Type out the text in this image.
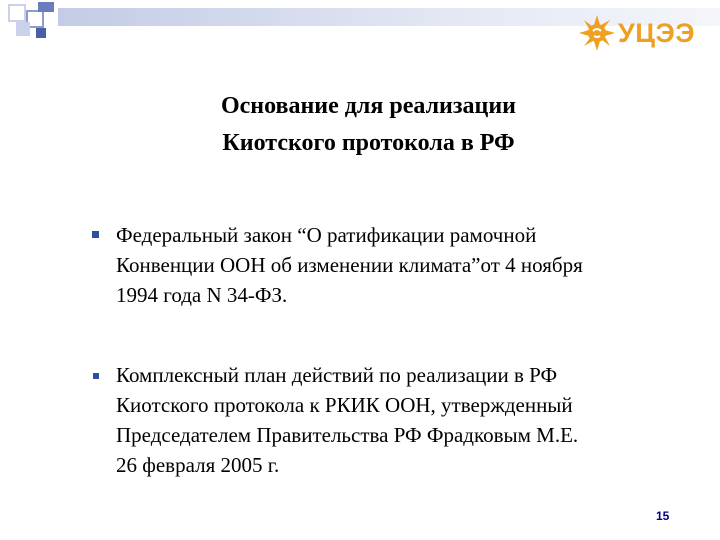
УЦЭЭ
Основание для реализации
Киотского протокола в РФ
Федеральный закон “О ратификации рамочной
Конвенции ООН об изменении климата”от 4 ноября
1994 года N 34-ФЗ.
Комплексный план действий по реализации в РФ
Киотского протокола к РКИК ООН, утвержденный
Председателем Правительства РФ Фрадковым М.Е.
26 февраля 2005 г.
15
